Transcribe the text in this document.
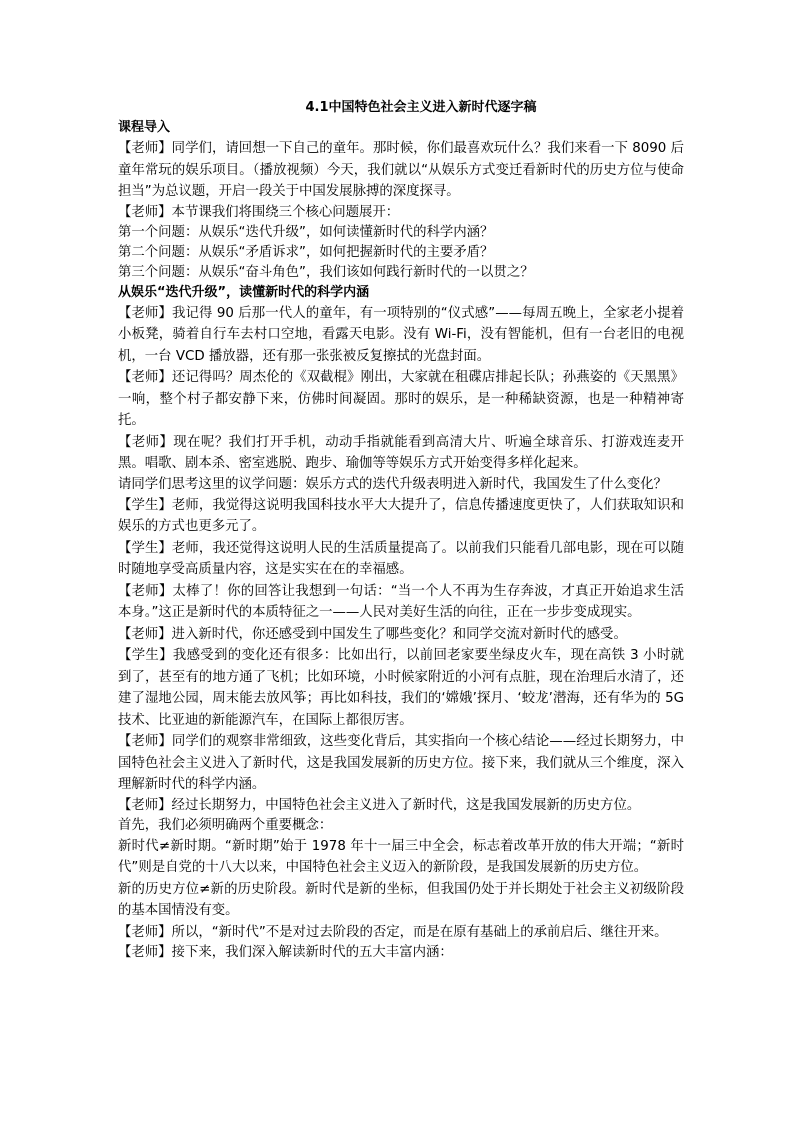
4.1中国特色社会主义进入新时代逐字稿

课程导入

【老师】同学们，请回想一下自己的童年。那时候，你们最喜欢玩什么？我们来看一下 8090 后童年常玩的娱乐项目。（播放视频）今天，我们就以“从娱乐方式变迁看新时代的历史方位与使命担当”为总议题，开启一段关于中国发展脉搏的深度探寻。

【老师】本节课我们将围绕三个核心问题展开：

第一个问题：从娱乐“迭代升级”，如何读懂新时代的科学内涵？

第二个问题：从娱乐“矛盾诉求”，如何把握新时代的主要矛盾？

第三个问题：从娱乐“奋斗角色”，我们该如何践行新时代的一以贯之？

从娱乐“迭代升级”，读懂新时代的科学内涵

【老师】我记得 90 后那一代人的童年，有一项特别的“仪式感”——每周五晚上，全家老小提着小板凳，骑着自行车去村口空地，看露天电影。没有 Wi-Fi，没有智能机，但有一台老旧的电视机，一台 VCD 播放器，还有那一张张被反复擦拭的光盘封面。

【老师】还记得吗？周杰伦的《双截棍》刚出，大家就在租碟店排起长队；孙燕姿的《天黑黑》一响，整个村子都安静下来，仿佛时间凝固。那时的娱乐，是一种稀缺资源，也是一种精神寄托。

【老师】现在呢？我们打开手机，动动手指就能看到高清大片、听遍全球音乐、打游戏连麦开黑。唱歌、剧本杀、密室逃脱、跑步、瑜伽等等娱乐方式开始变得多样化起来。

请同学们思考这里的议学问题：娱乐方式的迭代升级表明进入新时代，我国发生了什么变化？

【学生】老师，我觉得这说明我国科技水平大大提升了，信息传播速度更快了，人们获取知识和娱乐的方式也更多元了。

【学生】老师，我还觉得这说明人民的生活质量提高了。以前我们只能看几部电影，现在可以随时随地享受高质量内容，这是实实在在的幸福感。

【老师】太棒了！你的回答让我想到一句话：“当一个人不再为生存奔波，才真正开始追求生活本身。”这正是新时代的本质特征之一——人民对美好生活的向往，正在一步步变成现实。

【老师】进入新时代，你还感受到中国发生了哪些变化？和同学交流对新时代的感受。

【学生】我感受到的变化还有很多：比如出行，以前回老家要坐绿皮火车，现在高铁 3 小时就到了，甚至有的地方通了飞机；比如环境，小时候家附近的小河有点脏，现在治理后水清了，还建了湿地公园，周末能去放风筝；再比如科技，我们的‘嫦娥’探月、‘蛟龙’潜海，还有华为的 5G 技术、比亚迪的新能源汽车，在国际上都很厉害。

【老师】同学们的观察非常细致，这些变化背后，其实指向一个核心结论——经过长期努力，中国特色社会主义进入了新时代，这是我国发展新的历史方位。接下来，我们就从三个维度，深入理解新时代的科学内涵。

【老师】经过长期努力，中国特色社会主义进入了新时代，这是我国发展新的历史方位。

首先，我们必须明确两个重要概念：

新时代≠新时期。“新时期”始于 1978 年十一届三中全会，标志着改革开放的伟大开端；“新时代”则是自党的十八大以来，中国特色社会主义迈入的新阶段，是我国发展新的历史方位。

新的历史方位≠新的历史阶段。新时代是新的坐标，但我国仍处于并长期处于社会主义初级阶段的基本国情没有变。

【老师】所以，“新时代”不是对过去阶段的否定，而是在原有基础上的承前启后、继往开来。

【老师】接下来，我们深入解读新时代的五大丰富内涵：
